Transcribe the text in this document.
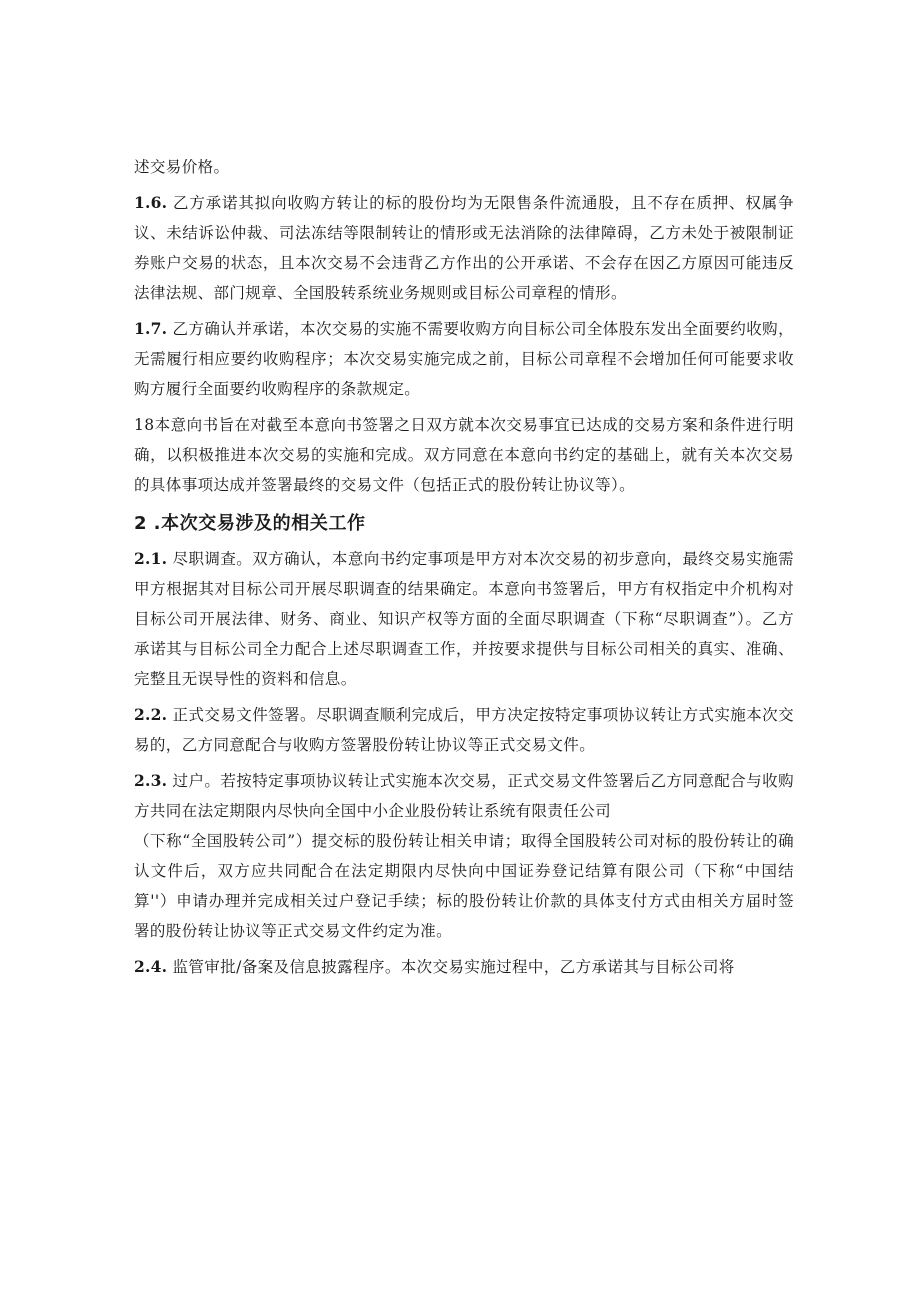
述交易价格。

1.6. 乙方承诺其拟向收购方转让的标的股份均为无限售条件流通股，且不存在质押、权属争议、未结诉讼仲裁、司法冻结等限制转让的情形或无法消除的法律障碍，乙方未处于被限制证券账户交易的状态，且本次交易不会违背乙方作出的公开承诺、不会存在因乙方原因可能违反法律法规、部门规章、全国股转系统业务规则或目标公司章程的情形。

1.7. 乙方确认并承诺，本次交易的实施不需要收购方向目标公司全体股东发出全面要约收购，无需履行相应要约收购程序；本次交易实施完成之前，目标公司章程不会增加任何可能要求收购方履行全面要约收购程序的条款规定。

18本意向书旨在对截至本意向书签署之日双方就本次交易事宜已达成的交易方案和条件进行明确，以积极推进本次交易的实施和完成。双方同意在本意向书约定的基础上，就有关本次交易的具体事项达成并签署最终的交易文件（包括正式的股份转让协议等）。

2 .本次交易涉及的相关工作

2.1. 尽职调查。双方确认，本意向书约定事项是甲方对本次交易的初步意向，最终交易实施需甲方根据其对目标公司开展尽职调查的结果确定。本意向书签署后，甲方有权指定中介机构对目标公司开展法律、财务、商业、知识产权等方面的全面尽职调查（下称“尽职调查”）。乙方承诺其与目标公司全力配合上述尽职调查工作，并按要求提供与目标公司相关的真实、准确、完整且无误导性的资料和信息。

2.2. 正式交易文件签署。尽职调查顺利完成后，甲方决定按特定事项协议转让方式实施本次交易的，乙方同意配合与收购方签署股份转让协议等正式交易文件。

2.3. 过户。若按特定事项协议转让式实施本次交易，正式交易文件签署后乙方同意配合与收购方共同在法定期限内尽快向全国中小企业股份转让系统有限责任公司
（下称“全国股转公司”）提交标的股份转让相关申请；取得全国股转公司对标的股份转让的确认文件后，双方应共同配合在法定期限内尽快向中国证券登记结算有限公司（下称“中国结算''）申请办理并完成相关过户登记手续；标的股份转让价款的具体支付方式由相关方届时签署的股份转让协议等正式交易文件约定为准。

2.4. 监管审批/备案及信息披露程序。本次交易实施过程中，乙方承诺其与目标公司将
